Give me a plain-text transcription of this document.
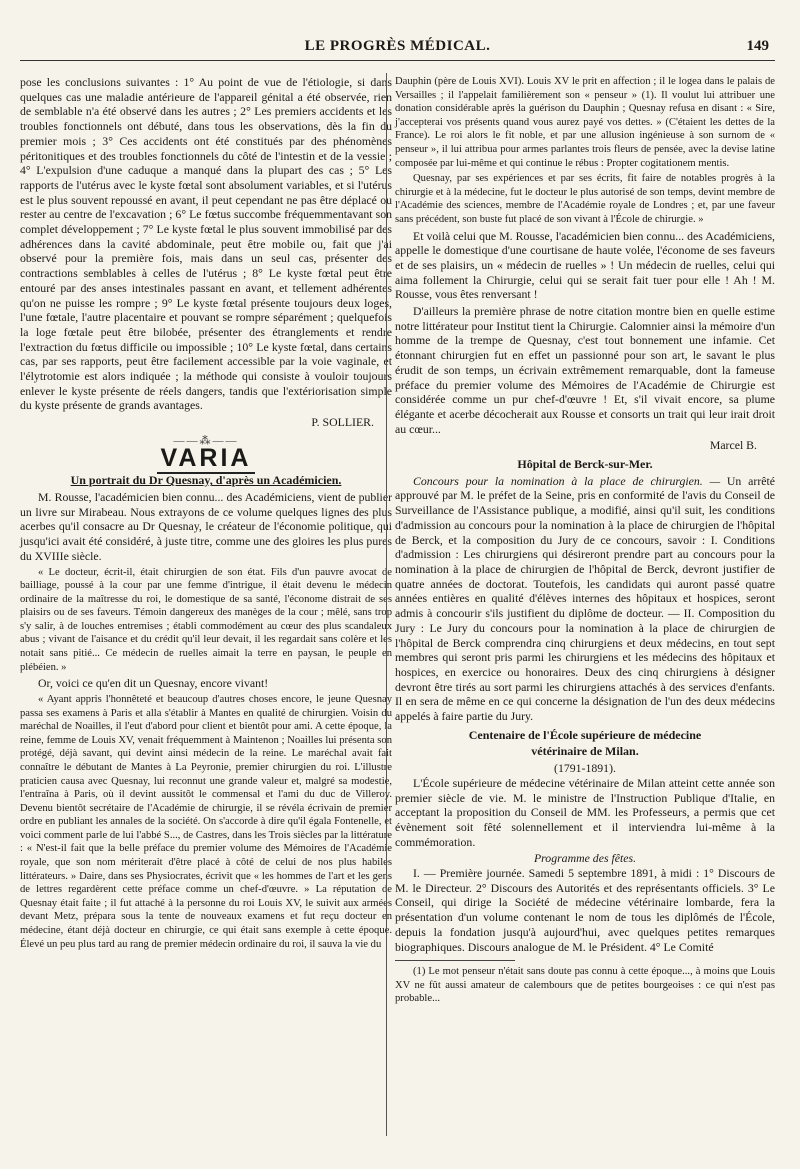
LE PROGRÈS MÉDICAL.	149

pose les conclusions suivantes : 1° Au point de vue de l'étiologie, si dans quelques cas une maladie antérieure de l'appareil génital a été observée, rien de semblable n'a été observé dans les autres ; 2° Les premiers accidents et les troubles fonctionnels ont débuté, dans tous les observations, dès la fin du premier mois ; 3° Ces accidents ont été constitués par des phénomènes péritonitiques et des troubles fonctionnels du côté de l'intestin et de la vessie ; 4° L'expulsion d'une caduque a manqué dans la plupart des cas ; 5° Les rapports de l'utérus avec le kyste fœtal sont absolument variables, et si l'utérus est le plus souvent repoussé en avant, il peut cependant ne pas être déplacé ou rester au centre de l'excavation ; 6° Le fœtus succombe fréquemmentavant son complet développement ; 7° Le kyste fœtal le plus souvent immobilisé par des adhérences dans la cavité abdominale, peut être mobile ou, fait que j'ai observé pour la première fois, mais dans un seul cas, présenter des contractions semblables à celles de l'utérus ; 8° Le kyste fœtal peut être entouré par des anses intestinales passant en avant, et tellement adhérentes qu'on ne puisse les rompre ; 9° Le kyste fœtal présente toujours deux loges, l'une fœtale, l'autre placentaire et pouvant se rompre séparément ; quelquefois la loge fœtale peut être bilobée, présenter des étranglements et rendre l'extraction du fœtus difficile ou impossible ; 10° Le kyste fœtal, dans certains cas, par ses rapports, peut être facilement accessible par la voie vaginale, et l'élytrotomie est alors indiquée ; la méthode qui consiste à vouloir toujours enlever le kyste présente de réels dangers, tandis que l'extériorisation simple du kyste présente de grands avantages.

P. SOLLIER.

——⁂——
VARIA
Un portrait du Dr Quesnay, d'après un Académicien.

M. Rousse, l'académicien bien connu... des Académiciens, vient de publier un livre sur Mirabeau. Nous extrayons de ce volume quelques lignes des plus acerbes qu'il consacre au Dr Quesnay, le créateur de l'économie politique, qui jusqu'ici avait été considéré, à juste titre, comme une des gloires les plus pures du XVIIIe siècle.

« Le docteur, écrit-il, était chirurgien de son état. Fils d'un pauvre avocat de bailliage, poussé à la cour par une femme d'intrigue, il était devenu le médecin ordinaire de la maîtresse du roi, le domestique de sa santé, l'économe distrait de ses plaisirs ou de ses faveurs. Témoin dangereux des manèges de la cour ; mêlé, sans trop s'y salir, à de louches entremises ; établi commodément au cœur des plus scandaleux abus ; vivant de l'aisance et du crédit qu'il leur devait, il les regardait sans colère et les notait sans pitié... Ce médecin de ruelles aimait la terre en paysan, le peuple en plébéien. »

Or, voici ce qu'en dit un Quesnay, encore vivant!

« Ayant appris l'honnêteté et beaucoup d'autres choses encore, le jeune Quesnay passa ses examens à Paris et alla s'établir à Mantes en qualité de chirurgien. Voisin du maréchal de Noailles, il l'eut d'abord pour client et bientôt pour ami. A cette époque, la reine, femme de Louis XV, venait fréquemment à Maintenon ; Noailles lui présenta son protégé, déjà savant, qui devint ainsi médecin de la reine. Le maréchal avait fait connaître le débutant de Mantes à La Peyronie, premier chirurgien du roi. L'illustre praticien causa avec Quesnay, lui reconnut une grande valeur et, malgré sa modestie, l'entraîna à Paris, où il devint aussitôt le commensal et l'ami du duc de Villeroy. Devenu bientôt secrétaire de l'Académie de chirurgie, il se révéla écrivain de premier ordre en publiant les annales de la société. On s'accorde à dire qu'il égala Fontenelle, et voici comment parle de lui l'abbé S..., de Castres, dans les Trois siècles par la littérature : « N'est-il fait que la belle préface du premier volume des Mémoires de l'Académie royale, que son nom mériterait d'être placé à côté de celui de nos plus habiles littérateurs. » Daire, dans ses Physiocrates, écrivit que « les hommes de l'art et les gens de lettres regardèrent cette préface comme un chef-d'œuvre. » La réputation de Quesnay était faite ; il fut attaché à la personne du roi Louis XV, le suivit aux armées devant Metz, prépara sous la tente de nouveaux examens et fut reçu docteur en médecine, étant déjà docteur en chirurgie, ce qui était sans exemple à cette époque. Élevé un peu plus tard au rang de premier médecin ordinaire du roi, il sauva la vie du

Dauphin (père de Louis XVI). Louis XV le prit en affection ; il le logea dans le palais de Versailles ; il l'appelait familièrement son « penseur » (1). Il voulut lui attribuer une donation considérable après la guérison du Dauphin ; Quesnay refusa en disant : « Sire, j'accepterai vos présents quand vous aurez payé vos dettes. » (C'étaient les dettes de la France). Le roi alors le fit noble, et par une allusion ingénieuse à son surnom de « penseur », il lui attribua pour armes parlantes trois fleurs de pensée, avec la devise latine composée par lui-même et qui continue le rébus : Propter cogitationem mentis.

Quesnay, par ses expériences et par ses écrits, fit faire de notables progrès à la chirurgie et à la médecine, fut le docteur le plus autorisé de son temps, devint membre de l'Académie des sciences, membre de l'Académie royale de Londres ; et, par une faveur sans précédent, son buste fut placé de son vivant à l'École de chirurgie. »

Et voilà celui que M. Rousse, l'académicien bien connu... des Académiciens, appelle le domestique d'une courtisane de haute volée, l'économe de ses faveurs et de ses plaisirs, un « médecin de ruelles » ! Un médecin de ruelles, celui qui aima follement la Chirurgie, celui qui se serait fait tuer pour elle ! Ah ! M. Rousse, vous êtes renversant !

D'ailleurs la première phrase de notre citation montre bien en quelle estime notre littérateur pour Institut tient la Chirurgie. Calomnier ainsi la mémoire d'un homme de la trempe de Quesnay, c'est tout bonnement une infamie. Cet étonnant chirurgien fut en effet un passionné pour son art, le savant le plus érudit de son temps, un écrivain extrêmement remarquable, dont la fameuse préface du premier volume des Mémoires de l'Académie de Chirurgie est considérée comme un pur chef-d'œuvre ! Et, s'il vivait encore, sa plume élégante et acerbe décocherait aux Rousse et consorts un trait qui leur irait droit au cœur...

Marcel B.

Hôpital de Berck-sur-Mer.

Concours pour la nomination à la place de chirurgien. — Un arrêté approuvé par M. le préfet de la Seine, pris en conformité de l'avis du Conseil de Surveillance de l'Assistance publique, a modifié, ainsi qu'il suit, les conditions d'admission au concours pour la nomination à la place de chirurgien de l'hôpital de Berck, et la composition du Jury de ce concours, savoir : I. Conditions d'admission : Les chirurgiens qui désireront prendre part au concours pour la nomination à la place de chirurgien de l'hôpital de Berck, devront justifier de quatre années de doctorat. Toutefois, les candidats qui auront passé quatre années entières en qualité d'élèves internes des hôpitaux et hospices, seront admis à concourir s'ils justifient du diplôme de docteur. — II. Composition du Jury : Le Jury du concours pour la nomination à la place de chirurgien de l'hôpital de Berck comprendra cinq chirurgiens et deux médecins, en tout sept membres qui seront pris parmi les chirurgiens et les médecins des hôpitaux et hospices, en exercice ou honoraires. Deux des cinq chirurgiens à désigner devront être tirés au sort parmi les chirurgiens attachés à des services d'enfants. Il en sera de même en ce qui concerne la désignation de l'un des deux médecins appelés à faire partie du Jury.

Centenaire de l'École supérieure de médecine
vétérinaire de Milan.
(1791-1891).

L'École supérieure de médecine vétérinaire de Milan atteint cette année son premier siècle de vie. M. le ministre de l'Instruction Publique d'Italie, en acceptant la proposition du Conseil de MM. les Professeurs, a permis que cet évènement soit fêté solennellement et il interviendra lui-même à la commémoration.

Programme des fêtes.

I. — Première journée. Samedi 5 septembre 1891, à midi : 1° Discours de M. le Directeur. 2° Discours des Autorités et des représentants officiels. 3° Le Conseil, qui dirige la Société de médecine vétérinaire lombarde, fera la présentation d'un volume contenant le nom de tous les diplômés de l'École, depuis la fondation jusqu'à aujourd'hui, avec quelques petites remarques biographiques. Discours analogue de M. le Président. 4° Le Comité

(1) Le mot penseur n'était sans doute pas connu à cette époque..., à moins que Louis XV ne fût aussi amateur de calembours que de petites bourgeoises : ce qui n'est pas probable...
